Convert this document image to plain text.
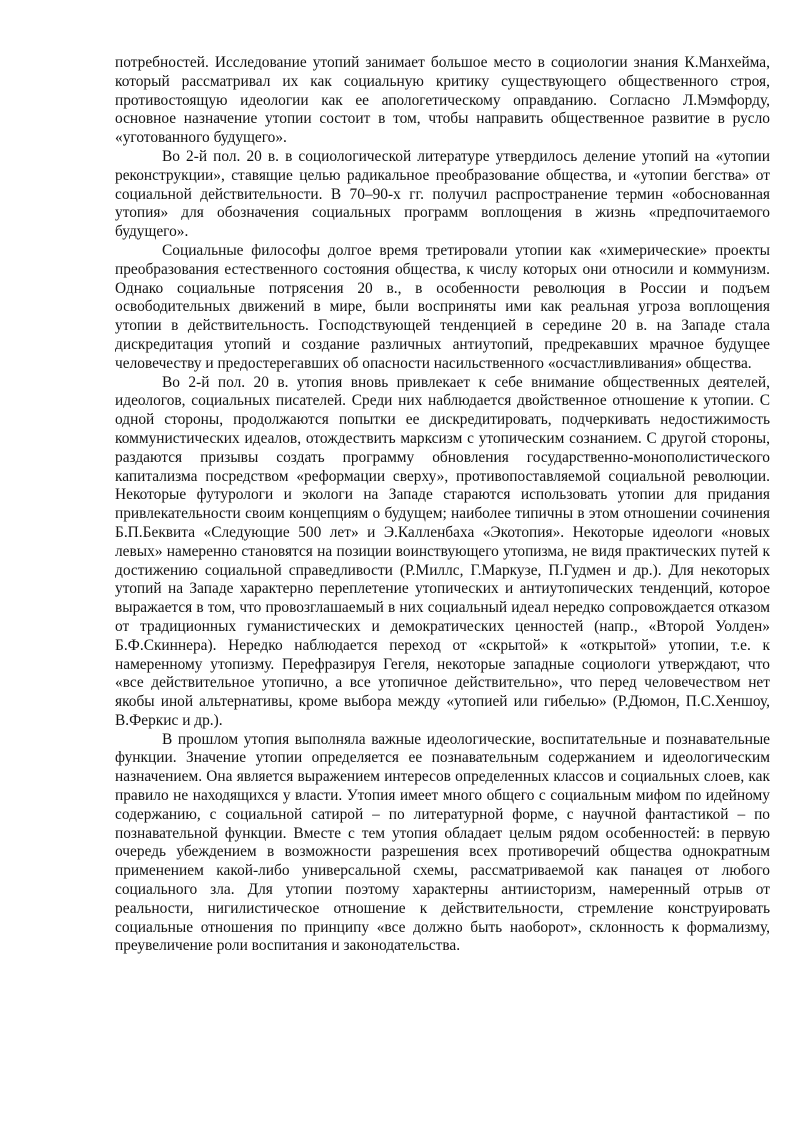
потребностей. Исследование утопий занимает большое место в социологии знания К.Манхейма, который рассматривал их как социальную критику существующего общественного строя, противостоящую идеологии как ее апологетическому оправданию. Согласно Л.Мэмфорду, основное назначение утопии состоит в том, чтобы направить общественное развитие в русло «уготованного будущего».

Во 2-й пол. 20 в. в социологической литературе утвердилось деление утопий на «утопии реконструкции», ставящие целью радикальное преобразование общества, и «утопии бегства» от социальной действительности. В 70–90-х гг. получил распространение термин «обоснованная утопия» для обозначения социальных программ воплощения в жизнь «предпочитаемого будущего».

Социальные философы долгое время третировали утопии как «химерические» проекты преобразования естественного состояния общества, к числу которых они относили и коммунизм. Однако социальные потрясения 20 в., в особенности революция в России и подъем освободительных движений в мире, были восприняты ими как реальная угроза воплощения утопии в действительность. Господствующей тенденцией в середине 20 в. на Западе стала дискредитация утопий и создание различных антиутопий, предрекавших мрачное будущее человечеству и предостерегавших об опасности насильственного «осчастливливания» общества.

Во 2-й пол. 20 в. утопия вновь привлекает к себе внимание общественных деятелей, идеологов, социальных писателей. Среди них наблюдается двойственное отношение к утопии. С одной стороны, продолжаются попытки ее дискредитировать, подчеркивать недостижимость коммунистических идеалов, отождествить марксизм с утопическим сознанием. С другой стороны, раздаются призывы создать программу обновления государственно-монополистического капитализма посредством «реформации сверху», противопоставляемой социальной революции. Некоторые футурологи и экологи на Западе стараются использовать утопии для придания привлекательности своим концепциям о будущем; наиболее типичны в этом отношении сочинения Б.П.Беквита «Следующие 500 лет» и Э.Калленбаха «Экотопия». Некоторые идеологи «новых левых» намеренно становятся на позиции воинствующего утопизма, не видя практических путей к достижению социальной справедливости (Р.Миллс, Г.Маркузе, П.Гудмен и др.). Для некоторых утопий на Западе характерно переплетение утопических и антиутопических тенденций, которое выражается в том, что провозглашаемый в них социальный идеал нередко сопровождается отказом от традиционных гуманистических и демократических ценностей (напр., «Второй Уолден» Б.Ф.Скиннера). Нередко наблюдается переход от «скрытой» к «открытой» утопии, т.е. к намеренному утопизму. Перефразируя Гегеля, некоторые западные социологи утверждают, что «все действительное утопично, а все утопичное действительно», что перед человечеством нет якобы иной альтернативы, кроме выбора между «утопией или гибелью» (Р.Дюмон, П.С.Хеншоу, В.Феркис и др.).

В прошлом утопия выполняла важные идеологические, воспитательные и познавательные функции. Значение утопии определяется ее познавательным содержанием и идеологическим назначением. Она является выражением интересов определенных классов и социальных слоев, как правило не находящихся у власти. Утопия имеет много общего с социальным мифом по идейному содержанию, с социальной сатирой – по литературной форме, с научной фантастикой – по познавательной функции. Вместе с тем утопия обладает целым рядом особенностей: в первую очередь убеждением в возможности разрешения всех противоречий общества однократным применением какой-либо универсальной схемы, рассматриваемой как панацея от любого социального зла. Для утопии поэтому характерны антиисторизм, намеренный отрыв от реальности, нигилистическое отношение к действительности, стремление конструировать социальные отношения по принципу «все должно быть наоборот», склонность к формализму, преувеличение роли воспитания и законодательства.
